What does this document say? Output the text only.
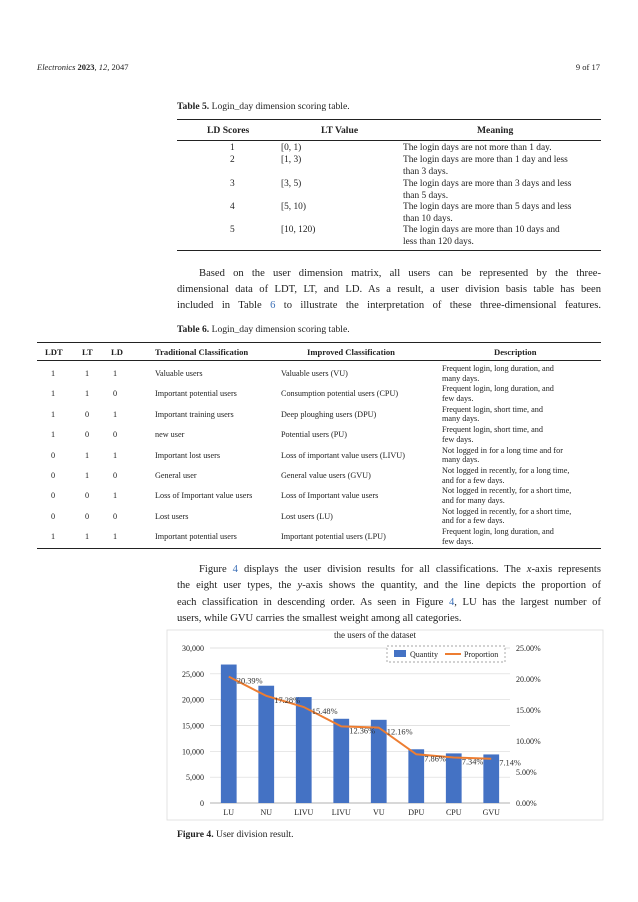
Electronics 2023, 12, 2047	9 of 17
Table 5. Login_day dimension scoring table.
LD Scores	LT Value	Meaning
1	[0, 1)	The login days are not more than 1 day.
2	[1, 3)	The login days are more than 1 day and less
than 3 days.
3	[3, 5)	The login days are more than 3 days and less
than 5 days.
4	[5, 10)	The login days are more than 5 days and less
than 10 days.
5	[10, 120)	The login days are more than 10 days and
less than 120 days.
Based on the user dimension matrix, all users can be represented by the three-
dimensional data of LDT, LT, and LD. As a result, a user division basis table has been
included in Table 6 to illustrate the interpretation of these three-dimensional features.
Table 6. Login_day dimension scoring table.
LDT LT LD	Traditional Classification	Improved Classification	Description
1	1	1	Valuable users	Valuable users (VU)
Frequent login, long duration, and
many days.
1	1	0	Important potential users	Consumption potential users (CPU)
Frequent login, long duration, and
few days.
1	0	1	Important training users	Deep ploughing users (DPU)
Frequent login, short time, and
many days.
1	0	0	new user	Potential users (PU)
Frequent login, short time, and
few days.
0	1	1	Important lost users	Loss of important value users (LIVU)
Not logged in for a long time and for
many days.
0	1	0	General user	General value users (GVU)
Not logged in recently, for a long time,
and for a few days.
0	0	1	Loss of Important value users	Loss of Important value users
Not logged in recently, for a short time,
and for many days.
0	0	0	Lost users	Lost users (LU)
Not logged in recently, for a short time,
and for a few days.
1	1	1	Important potential users	Important potential users (LPU)
Frequent login, long duration, and
few days.
Figure 4 displays the user division results for all classifications. The x-axis represents
the eight user types, the y-axis shows the quantity, and the line depicts the proportion of
each classification in descending order. As seen in Figure 4, LU has the largest number of
users, while GVU carries the smallest weight among all categories.
the users of the dataset
0
5,000
10,000
15,000
20,000
25,000
30,000
0.00%
5.00%
10.00%
15.00%
20.00%
25.00%
LU	NU	LIVU LIVU	VU	DPU	CPU	GVU
20.39%
17.28%
15.48%
12.36% 12.16%
7.86% 7.34% 7.14%
Quantity	Proportion
Figure 4. User division result.
